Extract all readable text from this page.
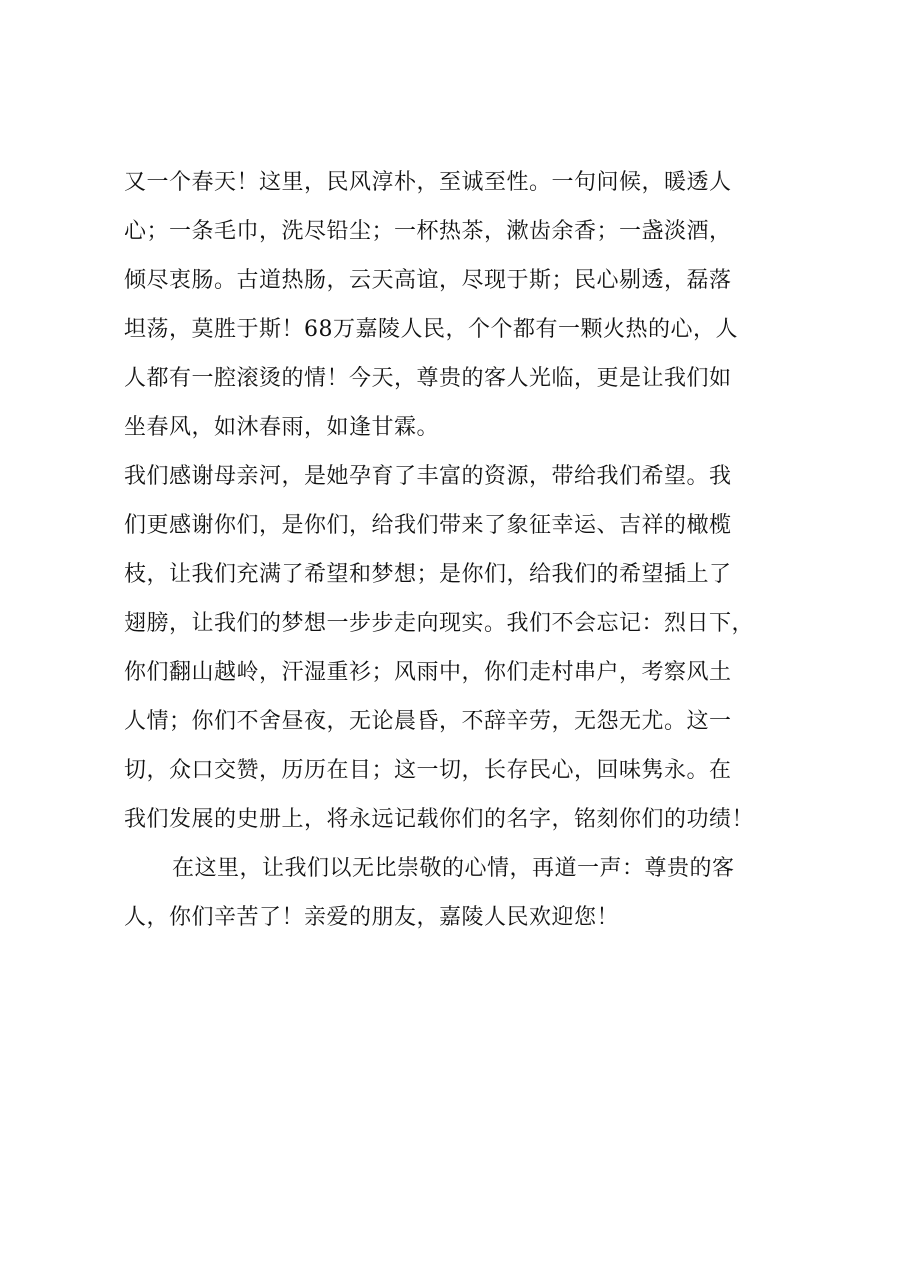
又一个春天！这里，民风淳朴，至诚至性。一句问候，暖透人
心；一条毛巾，洗尽铅尘；一杯热茶，漱齿余香；一盏淡酒，
倾尽衷肠。古道热肠，云天高谊，尽现于斯；民心剔透，磊落
坦荡，莫胜于斯！68万嘉陵人民，个个都有一颗火热的心，人
人都有一腔滚烫的情！今天，尊贵的客人光临，更是让我们如
坐春风，如沐春雨，如逢甘霖。
我们感谢母亲河，是她孕育了丰富的资源，带给我们希望。我
们更感谢你们，是你们，给我们带来了象征幸运、吉祥的橄榄
枝，让我们充满了希望和梦想；是你们，给我们的希望插上了
翅膀，让我们的梦想一步步走向现实。我们不会忘记：烈日下，
你们翻山越岭，汗湿重衫；风雨中，你们走村串户，考察风土
人情；你们不舍昼夜，无论晨昏，不辞辛劳，无怨无尤。这一
切，众口交赞，历历在目；这一切，长存民心，回味隽永。在
我们发展的史册上，将永远记载你们的名字，铭刻你们的功绩！
在这里，让我们以无比崇敬的心情，再道一声：尊贵的客
人，你们辛苦了！亲爱的朋友，嘉陵人民欢迎您！
